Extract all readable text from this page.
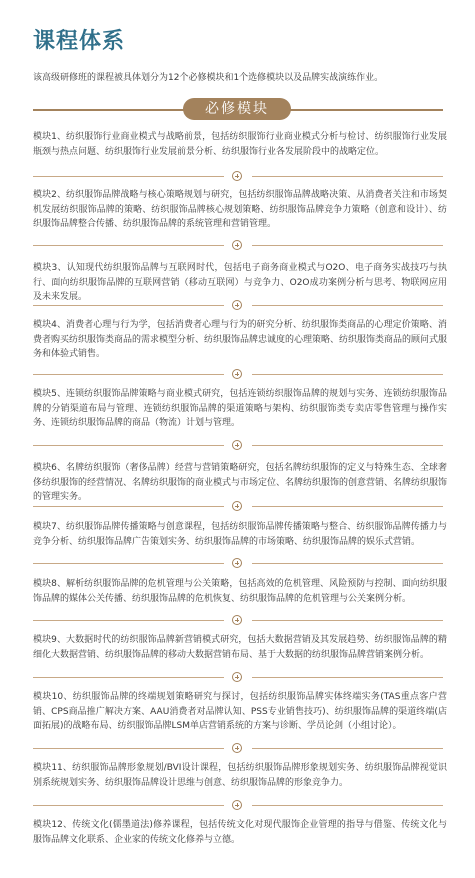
课程体系

该高级研修班的课程被具体划分为12个必修模块和1个选修模块以及品牌实战演练作业。

必修模块

模块1、纺织服饰行业商业模式与战略前景，包括纺织服饰行业商业模式分析与检讨、纺织服饰行业发展瓶颈与热点问题、纺织服饰行业发展前景分析、纺织服饰行业各发展阶段中的战略定位。

模块2、纺织服饰品牌战略与核心策略规划与研究，包括纺织服饰品牌战略决策、从消费者关注和市场契机发展纺织服饰品牌的策略、纺织服饰品牌核心规划策略、纺织服饰品牌竞争力策略（创意和设计）、纺织服饰品牌整合传播、纺织服饰品牌的系统管理和营销管理。

模块3、认知现代纺织服饰品牌与互联网时代，包括电子商务商业模式与O2O、电子商务实战技巧与执行、面向纺织服饰品牌的互联网营销（移动互联网）与竞争力、O2O成功案例分析与思考、物联网应用及未来发展。

模块4、消费者心理与行为学，包括消费者心理与行为的研究分析、纺织服饰类商品的心理定价策略、消费者购买纺织服饰类商品的需求模型分析、纺织服饰品牌忠诚度的心理策略、纺织服饰类商品的顾问式服务和体验式销售。

模块5、连锁纺织服饰品牌策略与商业模式研究，包括连锁纺织服饰品牌的规划与实务、连锁纺织服饰品牌的分销渠道布局与管理、连锁纺织服饰品牌的渠道策略与架构、纺织服饰类专卖店零售管理与操作实务、连锁纺织服饰品牌的商品（物流）计划与管理。

模块6、名牌纺织服饰（奢侈品牌）经营与营销策略研究，包括名牌纺织服饰的定义与特殊生态、全球奢侈纺织服饰的经营情况、名牌纺织服饰的商业模式与市场定位、名牌纺织服饰的创意营销、名牌纺织服饰的管理实务。

模块7、纺织服饰品牌传播策略与创意课程，包括纺织服饰品牌传播策略与整合、纺织服饰品牌传播力与竞争分析、纺织服饰品牌广告策划实务、纺织服饰品牌的市场策略、纺织服饰品牌的娱乐式营销。

模块8、解析纺织服饰品牌的危机管理与公关策略，包括高效的危机管理、风险预防与控制、面向纺织服饰品牌的媒体公关传播、纺织服饰品牌的危机恢复、纺织服饰品牌的危机管理与公关案例分析。

模块9、大数据时代的纺织服饰品牌新营销模式研究，包括大数据营销及其发展趋势、纺织服饰品牌的精细化大数据营销、纺织服饰品牌的移动大数据营销布局、基于大数据的纺织服饰品牌营销案例分析。

模块10、纺织服饰品牌的终端规划策略研究与探讨，包括纺织服饰品牌实体终端实务(TAS重点客户营销、CPS商品推广解决方案、AAU消费者对品牌认知、PSS专业销售技巧)、纺织服饰品牌的渠道终端(店面拓展)的战略布局、纺织服饰品牌LSM单店营销系统的方案与诊断、学员论剑（小组讨论）。

模块11、纺织服饰品牌形象规划/BVI设计课程，包括纺织服饰品牌形象规划实务、纺织服饰品牌视觉识别系统规划实务、纺织服饰品牌设计思维与创意、纺织服饰品牌的形象竞争力。

模块12、传统文化(儒墨道法)修养课程，包括传统文化对现代服饰企业管理的指导与借鉴、传统文化与服饰品牌文化联系、企业家的传统文化修养与立德。
